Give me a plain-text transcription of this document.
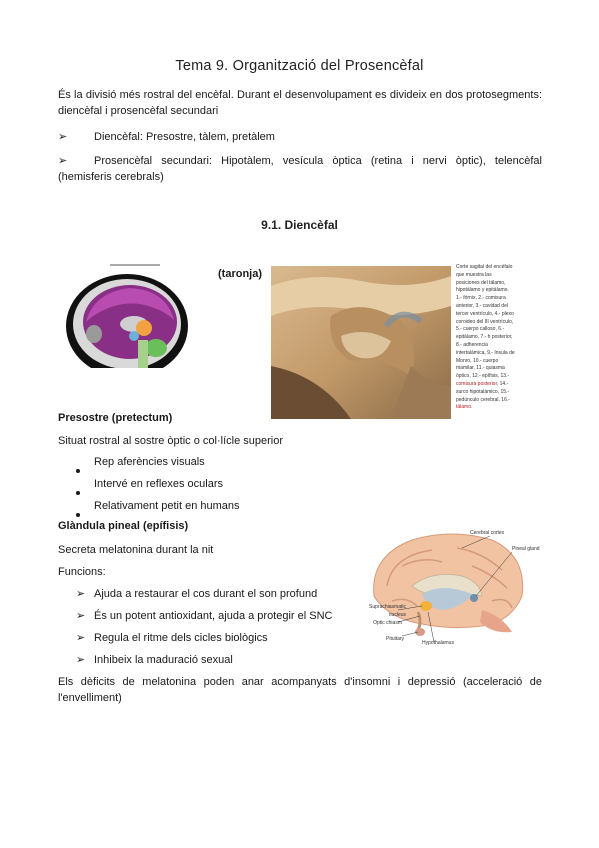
Tema 9. Organització del Prosencèfal
És la divisió més rostral del encèfal. Durant el desenvolupament es divideix en dos protosegments: diencèfal i prosencèfal secundari
➢ Diencèfal: Presostre, tàlem, pretàlem
➢	Prosencèfal secundari: Hipotàlem, vesícula òptica (retina i nervi òptic), telencèfal (hemisferis cerebrals)
9.1. Diencèfal
(taronja)
Corte sagital del encéfalo que muestra las posiciones del tálamo, hipotálamo y epitálamo. 1.- fórnix, 2.- comisura anterior, 3.- cavidad del tercer ventrículo, 4.- plexo coroideo del III ventrículo, 5.- cuerpo calloso, 6.- epitálamo, 7.- h posterior, 8.- adherencia intertalámica, 9.- ínsula de Monro, 10.- cuerpo mamilar, 11.- quiasma óptico, 12.- epífisis, 13.- comisura posterior, 14.- surco hipotalámico, 15.- pedúnculo cerebral, 16.- tálamo.
Presostre (pretectum)
Situat rostral al sostre òptic o col·lícle superior
Rep aferències visuals
Intervé en reflexes oculars
Relativament petit en humans
Glàndula pineal (epífisis)
Secreta melatonina durant la nit
Funcions:
➢ Ajuda a restaurar el cos durant el son profund
➢ És un potent antioxidant, ajuda a protegir el SNC
➢ Regula el ritme dels cicles biològics
➢ Inhibeix la maduració sexual
Cerebral cortex
Pineal gland
Suprachiasmatic nucleus
Optic chiasm
Pituitary
Hypothalamus
Els dèficits de melatonina poden anar acompanyats d'insomni i depressió (acceleració de l'envelliment)
